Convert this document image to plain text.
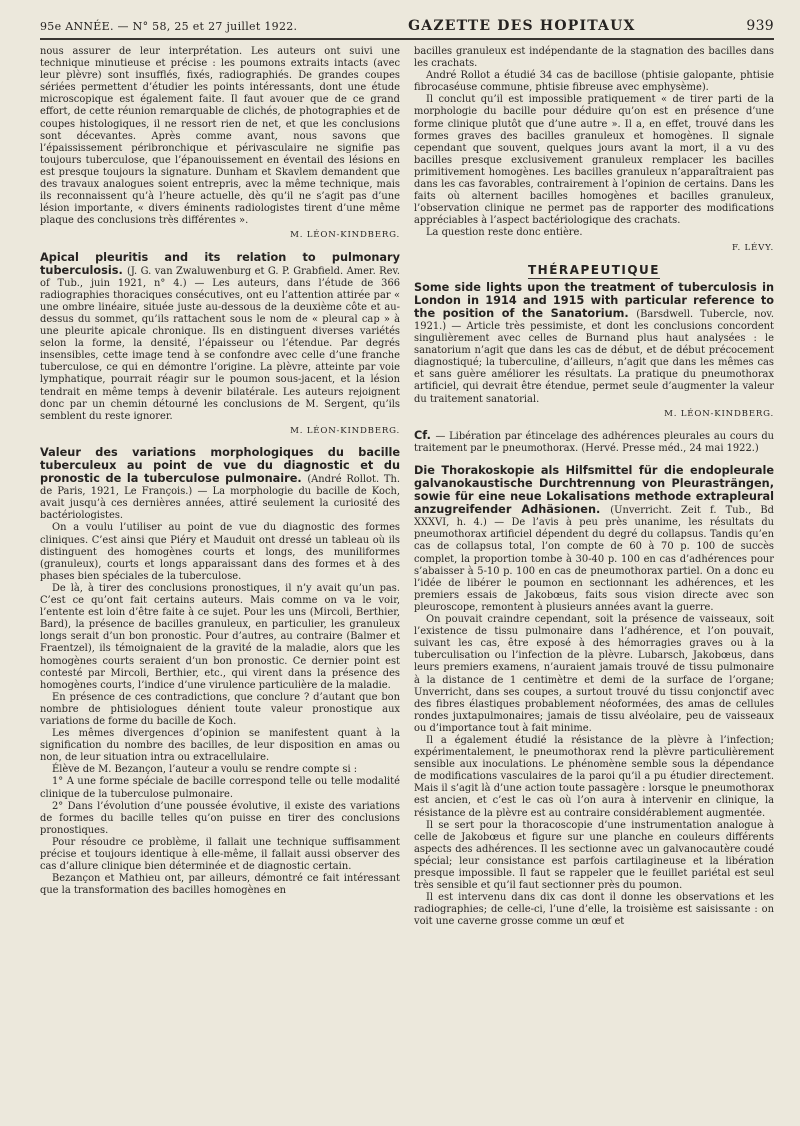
95e ANNÉE. — N° 58, 25 et 27 juillet 1922.	GAZETTE DES HOPITAUX	939

nous assurer de leur interprétation. Les auteurs ont suivi une technique minutieuse et précise : les poumons extraits intacts (avec leur plèvre) sont insufflés, fixés, radiographiés. De grandes coupes sériées permettent d’étudier les points intéressants, dont une étude microscopique est également faite. Il faut avouer que de ce grand effort, de cette réunion remarquable de clichés, de photographies et de coupes histologiques, il ne ressort rien de net, et que les conclusions sont décevantes. Après comme avant, nous savons que l’épaississement péribronchique et périvasculaire ne signifie pas toujours tuberculose, que l’épanouissement en éventail des lésions en est presque toujours la signature. Dunham et Skavlem demandent que des travaux analogues soient entrepris, avec la même technique, mais ils reconnaissent qu’à l’heure actuelle, dès qu’il ne s’agit pas d’une lésion importante, « divers éminents radiologistes tirent d’une même plaque des conclusions très différentes ».

M. LÉON-KINDBERG.

Apical pleuritis and its relation to pulmonary tuberculosis. (J. G. van Zwaluwenburg et G. P. Grabfield. Amer. Rev. of Tub., juin 1921, n° 4.) — Les auteurs, dans l’étude de 366 radiographies thoraciques consécutives, ont eu l’attention attirée par « une ombre linéaire, située juste au-dessous de la deuxième côte et au-dessus du sommet, qu’ils rattachent sous le nom de « pleural cap » à une pleurite apicale chronique. Ils en distinguent diverses variétés selon la forme, la densité, l’épaisseur ou l’étendue. Par degrés insensibles, cette image tend à se confondre avec celle d’une franche tuberculose, ce qui en démontre l’origine. La plèvre, atteinte par voie lymphatique, pourrait réagir sur le poumon sous-jacent, et la lésion tendrait en même temps à devenir bilatérale. Les auteurs rejoignent donc par un chemin détourné les conclusions de M. Sergent, qu’ils semblent du reste ignorer.

M. LÉON-KINDBERG.

Valeur des variations morphologiques du bacille tuberculeux au point de vue du diagnostic et du pronostic de la tuberculose pulmonaire. (André Rollot. Th. de Paris, 1921, Le François.) — La morphologie du bacille de Koch, avait jusqu’à ces dernières années, attiré seulement la curiosité des bactériologistes.

On a voulu l’utiliser au point de vue du diagnostic des formes cliniques. C’est ainsi que Piéry et Mauduit ont dressé un tableau où ils distinguent des homogènes courts et longs, des muniliformes (granuleux), courts et longs apparaissant dans des formes et à des phases bien spéciales de la tuberculose.

De là, à tirer des conclusions pronostiques, il n’y avait qu’un pas. C’est ce qu’ont fait certains auteurs. Mais comme on va le voir, l’entente est loin d’être faite à ce sujet. Pour les uns (Mircoli, Berthier, Bard), la présence de bacilles granuleux, en particulier, les granuleux longs serait d’un bon pronostic. Pour d’autres, au contraire (Balmer et Fraentzel), ils témoignaient de la gravité de la maladie, alors que les homogènes courts seraient d’un bon pronostic. Ce dernier point est contesté par Mircoli, Berthier, etc., qui virent dans la présence des homogènes courts, l’indice d’une virulence particulière de la maladie.

En présence de ces contradictions, que conclure ? d’autant que bon nombre de phtisiologues dénient toute valeur pronostique aux variations de forme du bacille de Koch.

Les mêmes divergences d’opinion se manifestent quant à la signification du nombre des bacilles, de leur disposition en amas ou non, de leur situation intra ou extracellulaire.

Élève de M. Bezançon, l’auteur a voulu se rendre compte si :

1° A une forme spéciale de bacille correspond telle ou telle modalité clinique de la tuberculose pulmonaire.

2° Dans l’évolution d’une poussée évolutive, il existe des variations de formes du bacille telles qu’on puisse en tirer des conclusions pronostiques.

Pour résoudre ce problème, il fallait une technique suffisamment précise et toujours identique à elle-même, il fallait aussi observer des cas d’allure clinique bien déterminée et de diagnostic certain.

Bezançon et Mathieu ont, par ailleurs, démontré ce fait intéressant que la transformation des bacilles homogènes en

bacilles granuleux est indépendante de la stagnation des bacilles dans les crachats.

André Rollot a étudié 34 cas de bacillose (phtisie galopante, phtisie fibrocaséuse commune, phtisie fibreuse avec emphysème).

Il conclut qu’il est impossible pratiquement « de tirer parti de la morphologie du bacille pour déduire qu’on est en présence d’une forme clinique plutôt que d’une autre ». Il a, en effet, trouvé dans les formes graves des bacilles granuleux et homogènes. Il signale cependant que souvent, quelques jours avant la mort, il a vu des bacilles presque exclusivement granuleux remplacer les bacilles primitivement homogènes. Les bacilles granuleux n’apparaîtraient pas dans les cas favorables, contrairement à l’opinion de certains. Dans les faits où alternent bacilles homogènes et bacilles granuleux, l’observation clinique ne permet pas de rapporter des modifications appréciables à l’aspect bactériologique des crachats.

La question reste donc entière.

F. LÉVY.
THÉRAPEUTIQUE

Some side lights upon the treatment of tuberculosis in London in 1914 and 1915 with particular reference to the position of the Sanatorium. (Barsdwell. Tubercle, nov. 1921.) — Article très pessimiste, et dont les conclusions concordent singulièrement avec celles de Burnand plus haut analysées : le sanatorium n’agit que dans les cas de début, et de début précocement diagnostiqué; la tuberculine, d’ailleurs, n’agit que dans les mêmes cas et sans guère améliorer les résultats. La pratique du pneumothorax artificiel, qui devrait être étendue, permet seule d’augmenter la valeur du traitement sanatorial.

M. LÉON-KINDBERG.

Cf. — Libération par étincelage des adhérences pleurales au cours du traitement par le pneumothorax. (Hervé. Presse méd., 24 mai 1922.)

Die Thorakoskopie als Hilfsmittel für die endopleurale galvanokaustische Durchtrennung von Pleurasträngen, sowie für eine neue Lokalisations methode extrapleural anzugreifender Adhäsionen. (Unverricht. Zeit f. Tub., Bd XXXVI, h. 4.) — De l’avis à peu près unanime, les résultats du pneumothorax artificiel dépendent du degré du collapsus. Tandis qu’en cas de collapsus total, l’on compte de 60 à 70 p. 100 de succès complet, la proportion tombe à 30-40 p. 100 en cas d’adhérences pour s’abaisser à 5-10 p. 100 en cas de pneumothorax partiel. On a donc eu l’idée de libérer le poumon en sectionnant les adhérences, et les premiers essais de Jakobœus, faits sous vision directe avec son pleuroscope, remontent à plusieurs années avant la guerre.

On pouvait craindre cependant, soit la présence de vaisseaux, soit l’existence de tissu pulmonaire dans l’adhérence, et l’on pouvait, suivant les cas, être exposé à des hémorragies graves ou à la tuberculisation ou l’infection de la plèvre. Lubarsch, Jakobœus, dans leurs premiers examens, n’auraient jamais trouvé de tissu pulmonaire à la distance de 1 centimètre et demi de la surface de l’organe; Unverricht, dans ses coupes, a surtout trouvé du tissu conjonctif avec des fibres élastiques probablement néoformées, des amas de cellules rondes juxtapulmonaires; jamais de tissu alvéolaire, peu de vaisseaux ou d’importance tout à fait minime.

Il a également étudié la résistance de la plèvre à l’infection; expérimentalement, le pneumothorax rend la plèvre particulièrement sensible aux inoculations. Le phénomène semble sous la dépendance de modifications vasculaires de la paroi qu’il a pu étudier directement. Mais il s’agit là d’une action toute passagère : lorsque le pneumothorax est ancien, et c’est le cas où l’on aura à intervenir en clinique, la résistance de la plèvre est au contraire considérablement augmentée.

Il se sert pour la thoracoscopie d’une instrumentation analogue à celle de Jakobœus et figure sur une planche en couleurs différents aspects des adhérences. Il les sectionne avec un galvanocautère coudé spécial; leur consistance est parfois cartilagineuse et la libération presque impossible. Il faut se rappeler que le feuillet pariétal est seul très sensible et qu’il faut sectionner près du poumon.

Il est intervenu dans dix cas dont il donne les observations et les radiographies; de celle-ci, l’une d’elle, la troisième est saisissante : on voit une caverne grosse comme un œuf et
